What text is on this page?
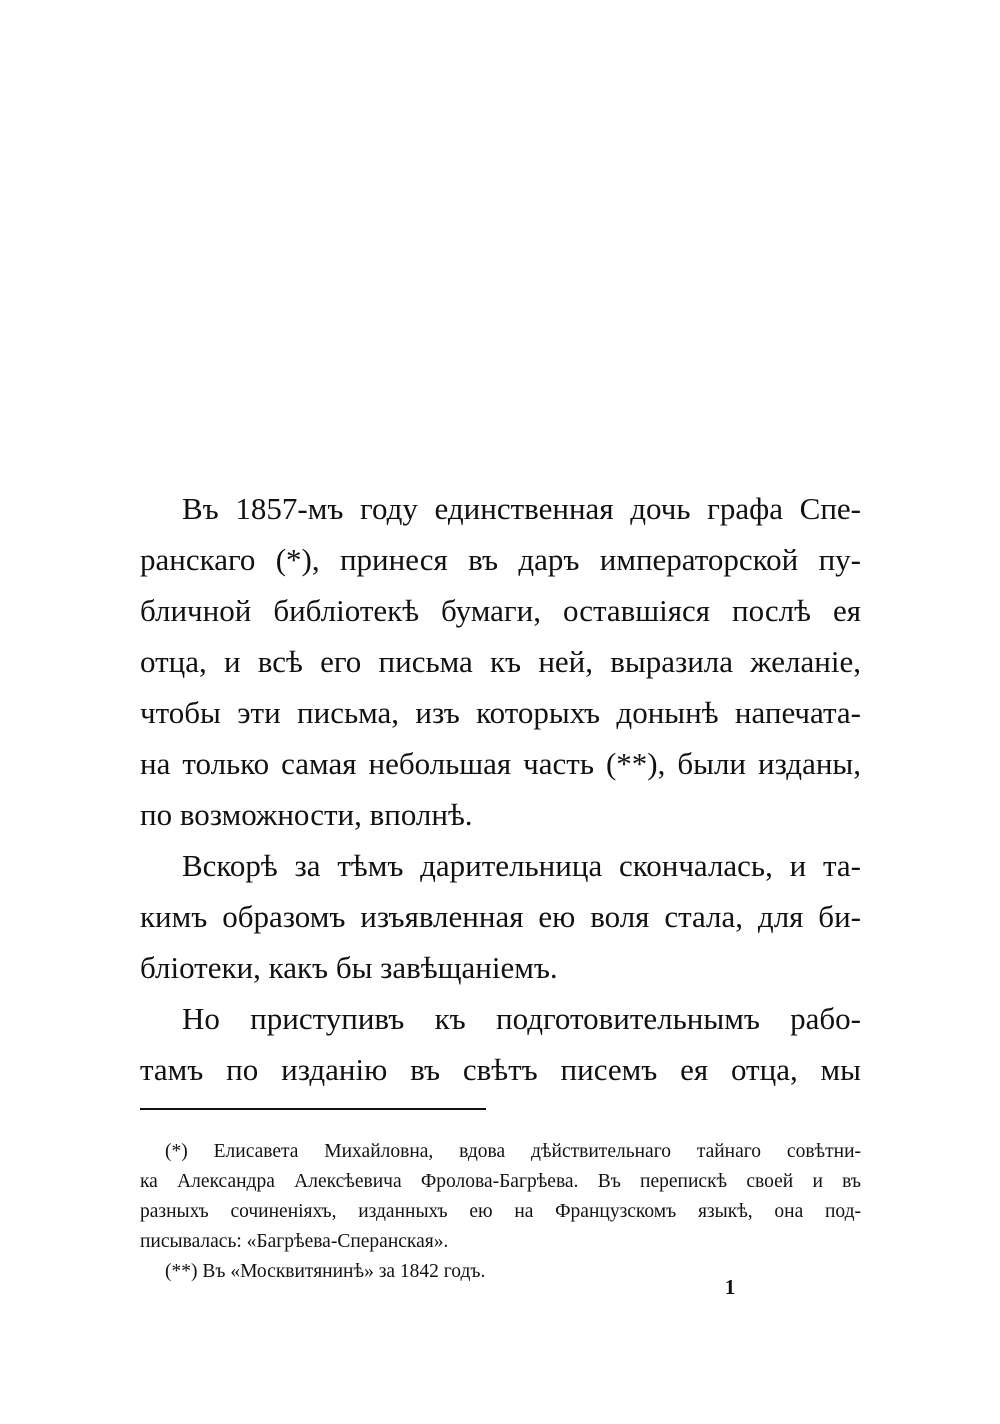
Въ 1857-мъ году единственная дочь графа Спе-
ранскаго (*), принеся въ даръ императорской пу-
бличной библіотекѣ бумаги, оставшіяся послѣ ея
отца, и всѣ его письма къ ней, выразила желаніе,
чтобы эти письма, изъ которыхъ донынѣ напечата-
на только самая небольшая часть (**), были изданы,
по возможности, вполнѣ.
Вскорѣ за тѣмъ дарительница скончалась, и та-
кимъ образомъ изъявленная ею воля стала, для би-
бліотеки, какъ бы завѣщаніемъ.
Но приступивъ къ подготовительнымъ рабо-
тамъ по изданію въ свѣтъ писемъ ея отца, мы
(*) Елисавета Михайловна, вдова дѣйствительнаго тайнаго совѣтни-
ка Александра Алексѣевича Фролова-Багрѣева. Въ перепискѣ своей и въ
разныхъ сочиненіяхъ, изданныхъ ею на Французскомъ языкѣ, она под-
писывалась: «Багрѣева-Сперанская».
(**) Въ «Москвитянинѣ» за 1842 годъ.
1
